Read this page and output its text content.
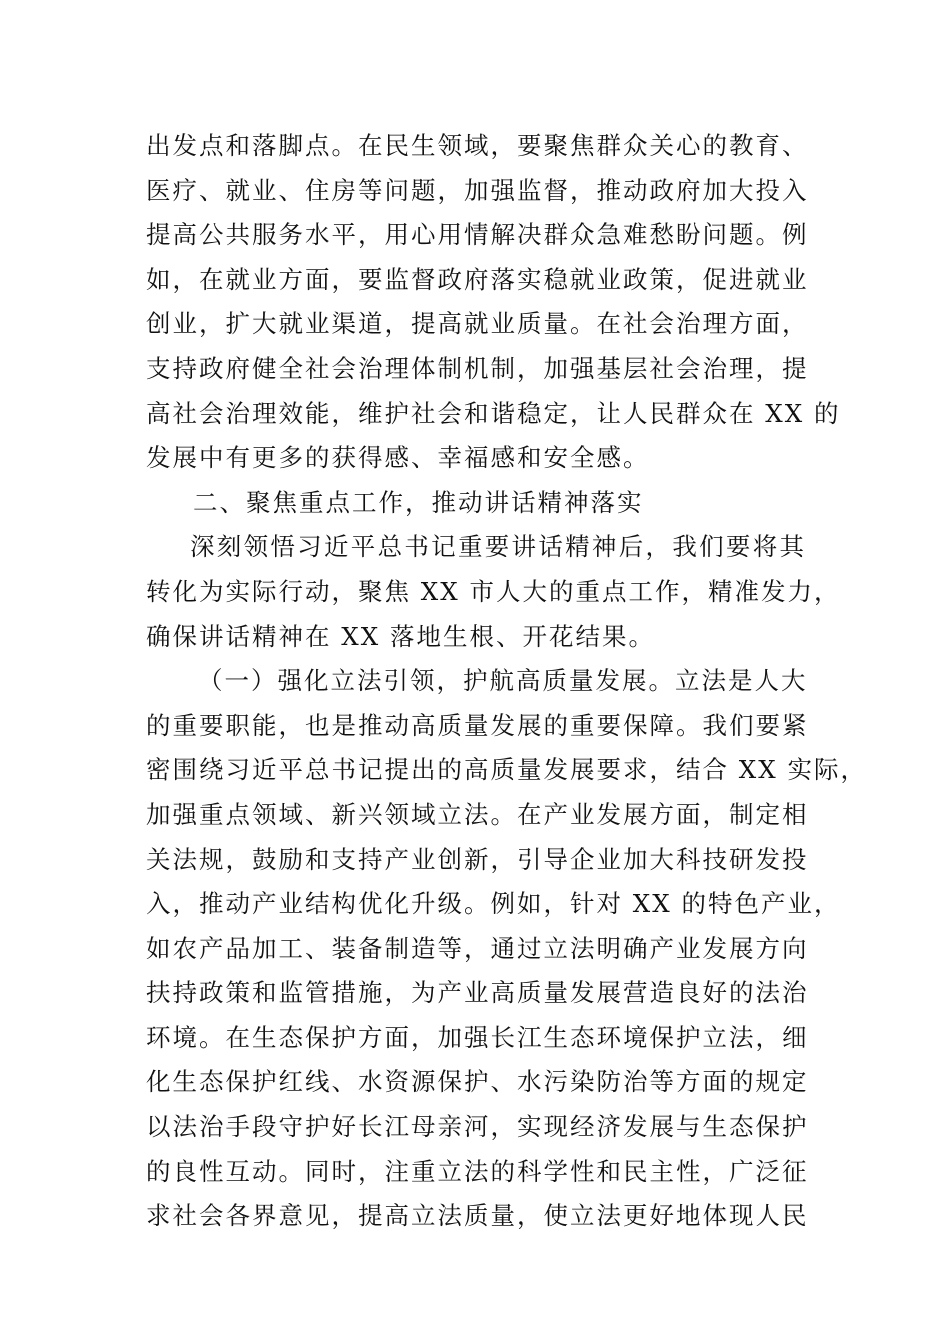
出发点和落脚点。在民生领域，要聚焦群众关心的教育、
医疗、就业、住房等问题，加强监督，推动政府加大投入
提高公共服务水平，用心用情解决群众急难愁盼问题。例
如，在就业方面，要监督政府落实稳就业政策，促进就业
创业，扩大就业渠道，提高就业质量。在社会治理方面，
支持政府健全社会治理体制机制，加强基层社会治理，提
高社会治理效能，维护社会和谐稳定，让人民群众在 XX 的
发展中有更多的获得感、幸福感和安全感。
二、聚焦重点工作，推动讲话精神落实
深刻领悟习近平总书记重要讲话精神后，我们要将其
转化为实际行动，聚焦 XX 市人大的重点工作，精准发力，
确保讲话精神在 XX 落地生根、开花结果。
（一）强化立法引领，护航高质量发展。立法是人大
的重要职能，也是推动高质量发展的重要保障。我们要紧
密围绕习近平总书记提出的高质量发展要求，结合 XX 实际，
加强重点领域、新兴领域立法。在产业发展方面，制定相
关法规，鼓励和支持产业创新，引导企业加大科技研发投
入，推动产业结构优化升级。例如，针对 XX 的特色产业，
如农产品加工、装备制造等，通过立法明确产业发展方向
扶持政策和监管措施，为产业高质量发展营造良好的法治
环境。在生态保护方面，加强长江生态环境保护立法，细
化生态保护红线、水资源保护、水污染防治等方面的规定
以法治手段守护好长江母亲河，实现经济发展与生态保护
的良性互动。同时，注重立法的科学性和民主性，广泛征
求社会各界意见，提高立法质量，使立法更好地体现人民
